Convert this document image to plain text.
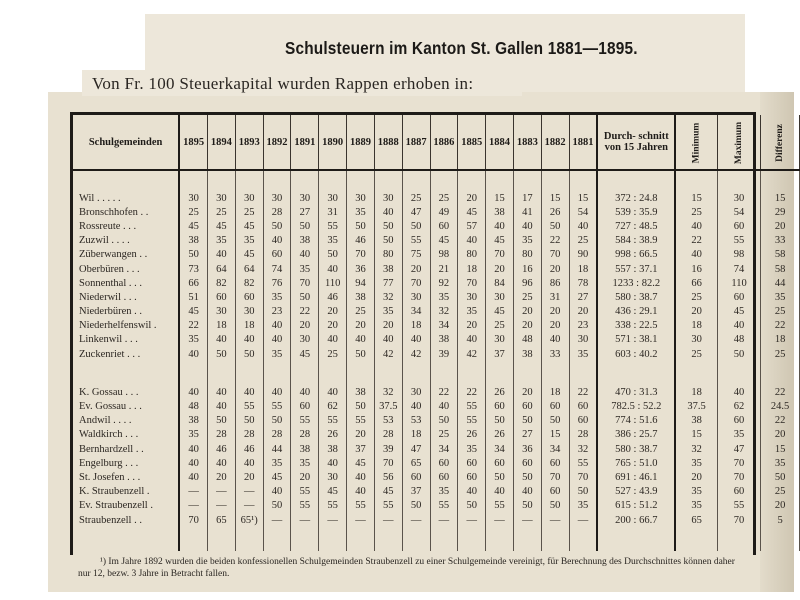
Schulsteuern im Kanton St. Gallen 1881—1895.
Von Fr. 100 Steuerkapital wurden Rappen erhoben in:
Schulgemeinden	1895	1894	1893	1892	1891	1890	1889	1888	1887	1886	1885	1884	1883	1882	1881	Durch- schnitt von 15 Jahren	Minimum	Maximum	Differenz

Wil . . . . .	30	30	30	30	30	30	30	30	25	25	20	15	17	15	15	372 : 24.8	15	30	15
Bronschhofen . .	25	25	25	28	27	31	35	40	47	49	45	38	41	26	54	539 : 35.9	25	54	29
Rossreute . . .	45	45	45	50	50	55	50	50	50	60	57	40	40	50	40	727 : 48.5	40	60	20
Zuzwil . . . .	38	35	35	40	38	35	46	50	55	45	40	45	35	22	25	584 : 38.9	22	55	33
Züberwangen . .	50	40	45	60	40	50	70	80	75	98	80	70	80	70	90	998 : 66.5	40	98	58
Oberbüren . . .	73	64	64	74	35	40	36	38	20	21	18	20	16	20	18	557 : 37.1	16	74	58
Sonnenthal . . .	66	82	82	76	70	110	94	77	70	92	70	84	96	86	78	1233 : 82.2	66	110	44
Niederwil . . .	51	60	60	35	50	46	38	32	30	35	30	30	25	31	27	580 : 38.7	25	60	35
Niederbüren . .	45	30	30	23	22	20	25	35	34	32	35	45	20	20	20	436 : 29.1	20	45	25
Niederhelfenswil .	22	18	18	40	20	20	20	20	18	34	20	25	20	20	23	338 : 22.5	18	40	22
Linkenwil . . .	35	40	40	40	30	40	40	40	40	38	40	30	48	40	30	571 : 38.1	30	48	18
Zuckenriet . . .	40	50	50	35	45	25	50	42	42	39	42	37	38	33	35	603 : 40.2	25	50	25

K. Gossau . . .	40	40	40	40	40	40	38	32	30	22	22	26	20	18	22	470 : 31.3	18	40	22
Ev. Gossau . . .	48	40	55	55	60	62	50	37.5	40	40	55	60	60	60	60	782.5 : 52.2	37.5	62	24.5
Andwil . . . .	38	50	50	50	55	55	55	53	53	50	55	50	50	50	60	774 : 51.6	38	60	22
Waldkirch . . .	35	28	28	28	28	26	20	28	18	25	26	26	27	15	28	386 : 25.7	15	35	20
Bernhardzell . .	40	46	46	44	38	38	37	39	47	34	35	34	36	34	32	580 : 38.7	32	47	15
Engelburg . . .	40	40	40	35	35	40	45	70	65	60	60	60	60	60	55	765 : 51.0	35	70	35
St. Josefen . . .	40	20	20	45	20	30	40	56	60	60	60	50	50	70	70	691 : 46.1	20	70	50
K. Straubenzell .	—	—	—	40	55	45	40	45	37	35	40	40	40	60	50	527 : 43.9	35	60	25
Ev. Straubenzell .	—	—	—	50	55	55	55	55	50	55	50	55	50	50	35	615 : 51.2	35	55	20
Straubenzell . .	70	65	65¹)	—	—	—	—	—	—	—	—	—	—	—	—	200 : 66.7	65	70	5

¹) Im Jahre 1892 wurden die beiden konfessionellen Schulgemeinden Straubenzell zu einer Schulgemeinde vereinigt, für Berechnung des Durchschnittes können daher nur 12, bezw. 3 Jahre in Betracht fallen.
